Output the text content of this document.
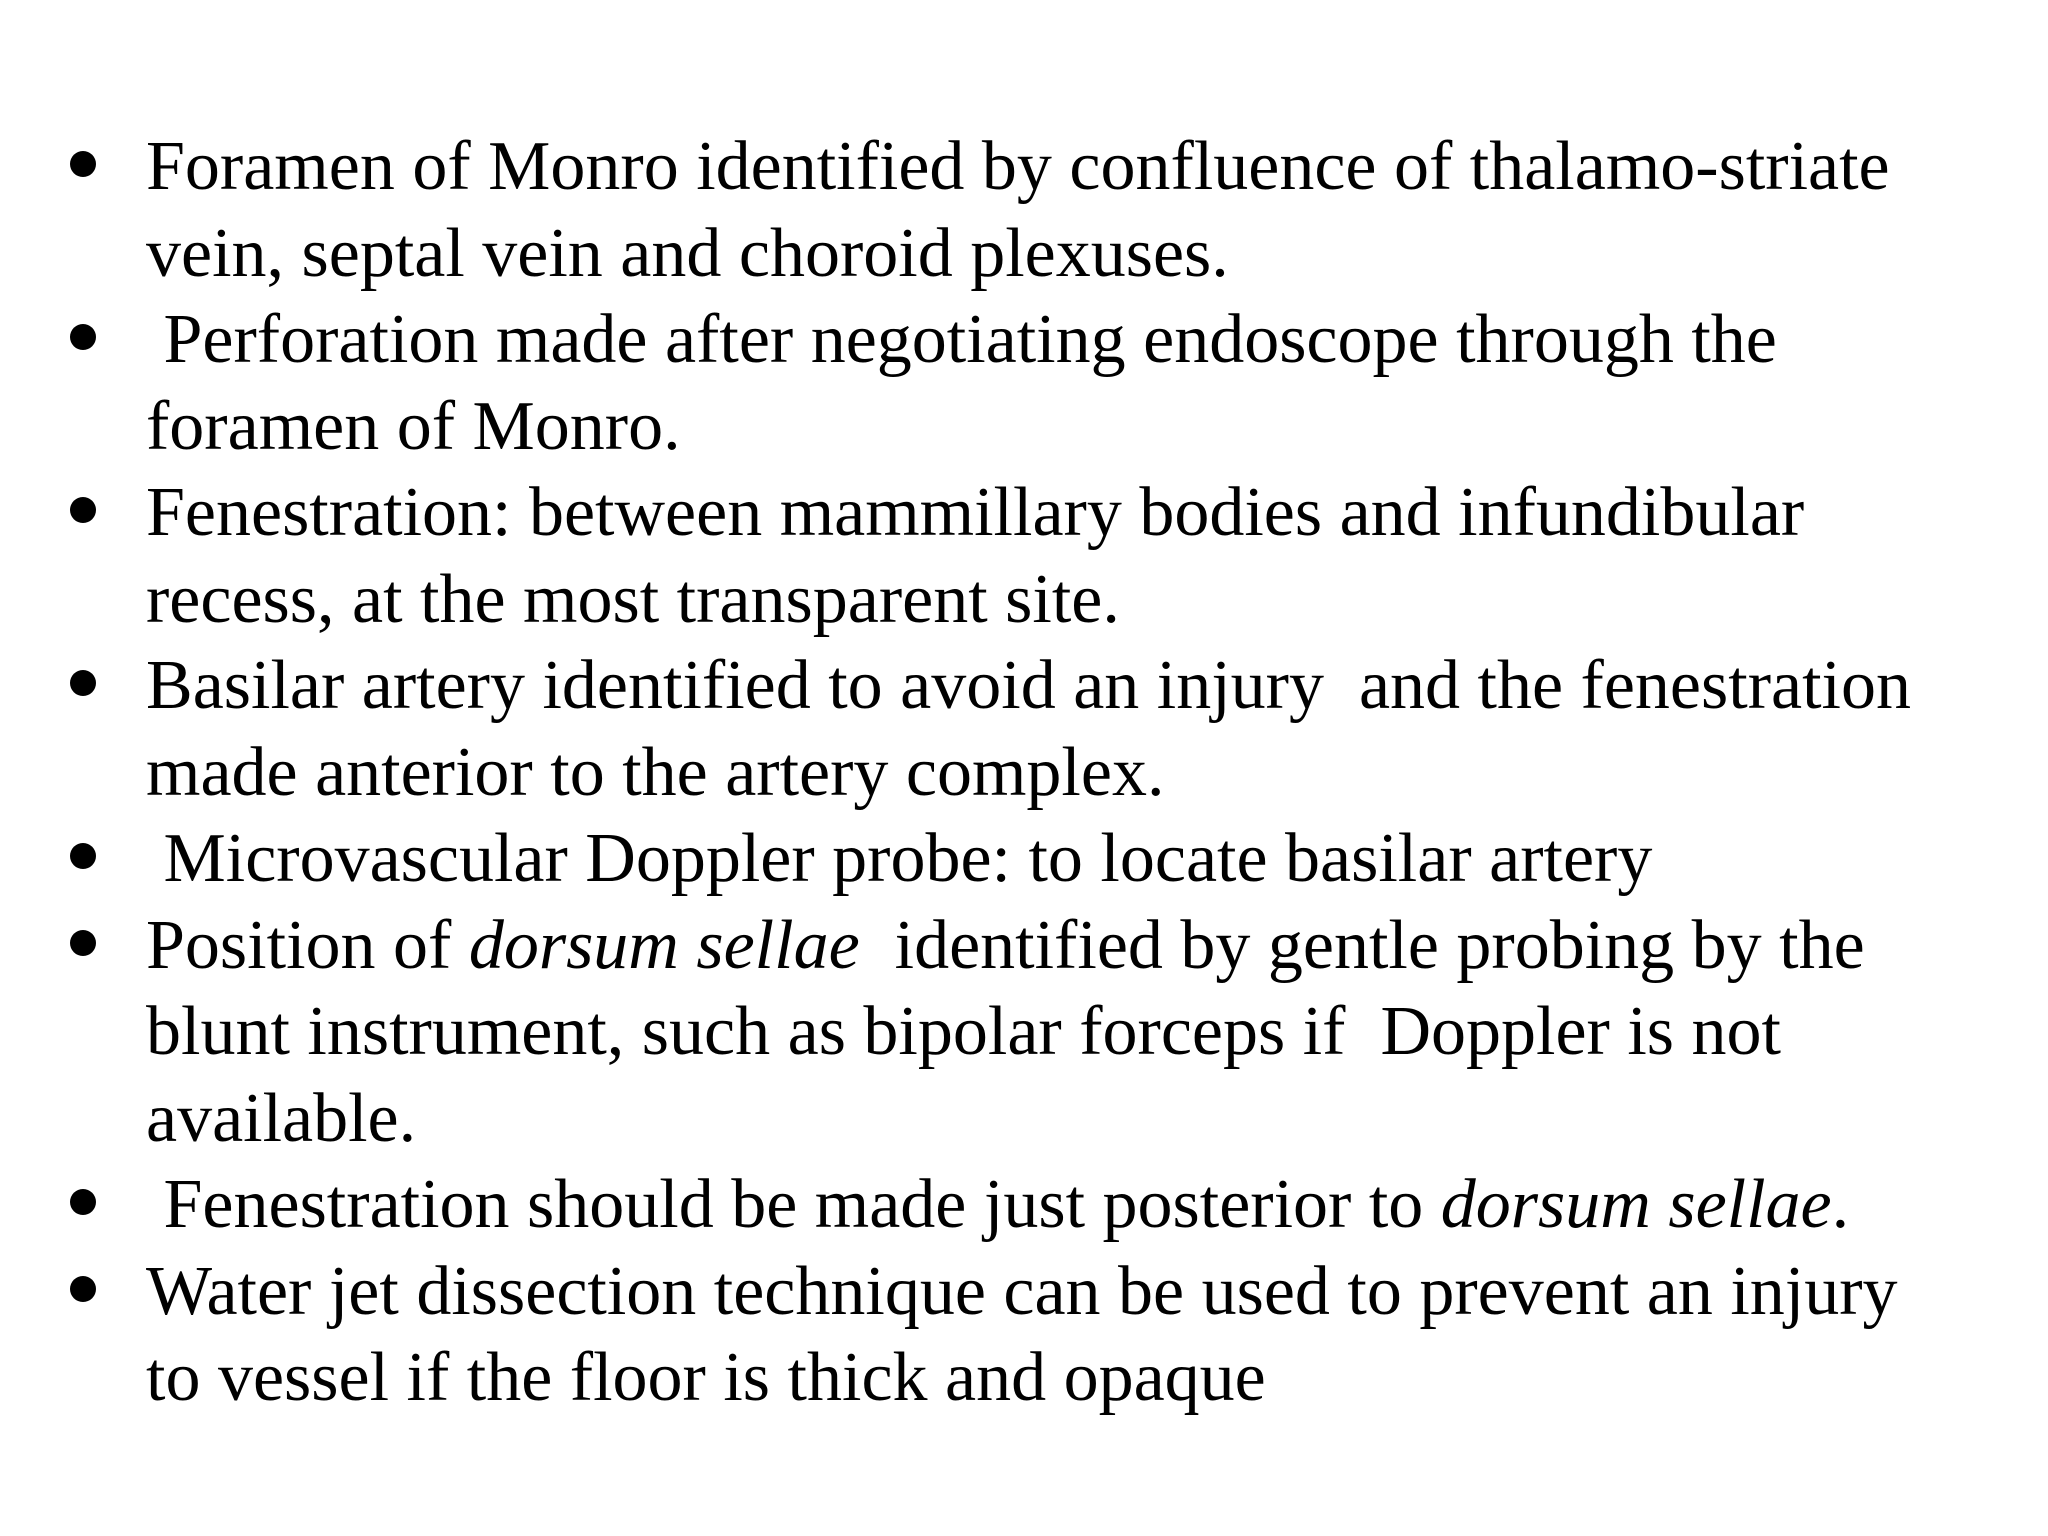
Foramen of Monro identified by confluence of thalamo-striate
vein, septal vein and choroid plexuses.
Perforation made after negotiating endoscope through the
foramen of Monro.
Fenestration: between mammillary bodies and infundibular
recess, at the most transparent site.
Basilar artery identified to avoid an injury  and the fenestration
made anterior to the artery complex.
Microvascular Doppler probe: to locate basilar artery
Position of dorsum sellae  identified by gentle probing by the
blunt instrument, such as bipolar forceps if  Doppler is not
available.
Fenestration should be made just posterior to dorsum sellae.
Water jet dissection technique can be used to prevent an injury
to vessel if the floor is thick and opaque
